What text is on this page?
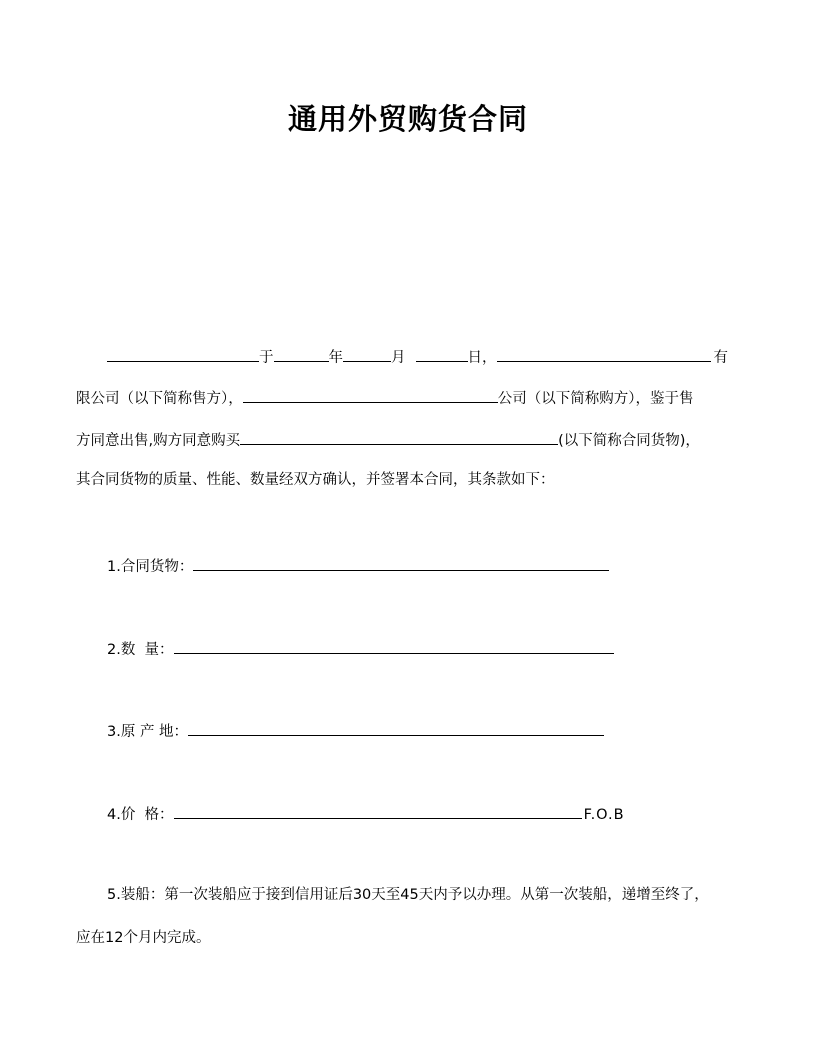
通用外贸购货合同
于	年	月	日，	有
限公司（以下简称售方），	公司（以下简称购方），鉴于售
方同意出售,购方同意购买	(以下简称合同货物)，
其合同货物的质量、性能、数量经双方确认，并签署本合同，其条款如下：
1.合同货物：
2.数  量：
3.原 产 地：
4.价  格：	F.O.B
5.装船：第一次装船应于接到信用证后30天至45天内予以办理。从第一次装船，递增至终了，
应在12个月内完成。
